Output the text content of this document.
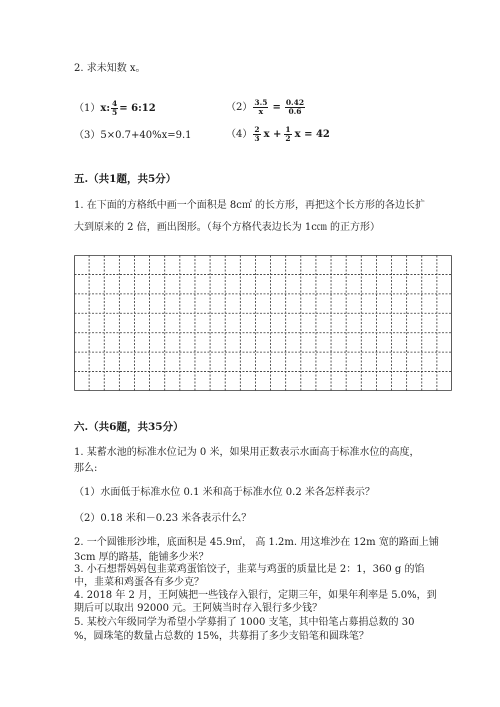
2. 求未知数 x。
（1）x: $\frac{4}{5}$ = 6:12	$(2) \frac{3.5}{x} = \frac{0.42}{0.6}$
（3）5×0.7+40%x=9.1	$(4) \frac{2}{3}$ $x + \frac{1}{2}$ x = 42
五.（共1题，共5分）
1. 在下面的方格纸中画一个面积是 8c㎡ 的长方形，再把这个长方形的各边长扩
大到原来的 2 倍，画出图形。（每个方格代表边长为 1c㎝ 的正方形）
六.（共6题，共35分）
1. 某蓄水池的标准水位记为 0 米，如果用正数表示水面高于标准水位的高度，
那么:
（1）水面低于标准水位 0.1 米和高于标准水位 0.2 米各怎样表示？
（2）0.18 米和－0.23 米各表示什么？
2. 一个圆锥形沙堆，底面积是 45.9㎡， 高 1.2m. 用这堆沙在 12m 宽的路面上铺
3cm 厚的路基，能铺多少米？
3. 小石想帮妈妈包韭菜鸡蛋馅饺子，韭菜与鸡蛋的质量比是 2：1，360 g 的馅
中，韭菜和鸡蛋各有多少克？
4. 2018 年 2 月，王阿姨把一些钱存入银行，定期三年，如果年利率是 5.0%，到
期后可以取出 92000 元。王阿姨当时存入银行多少钱？
5. 某校六年级同学为希望小学募捐了 1000 支笔，其中铅笔占募捐总数的 30
%，圆珠笔的数量占总数的 15%，共募捐了多少支铅笔和圆珠笔？
